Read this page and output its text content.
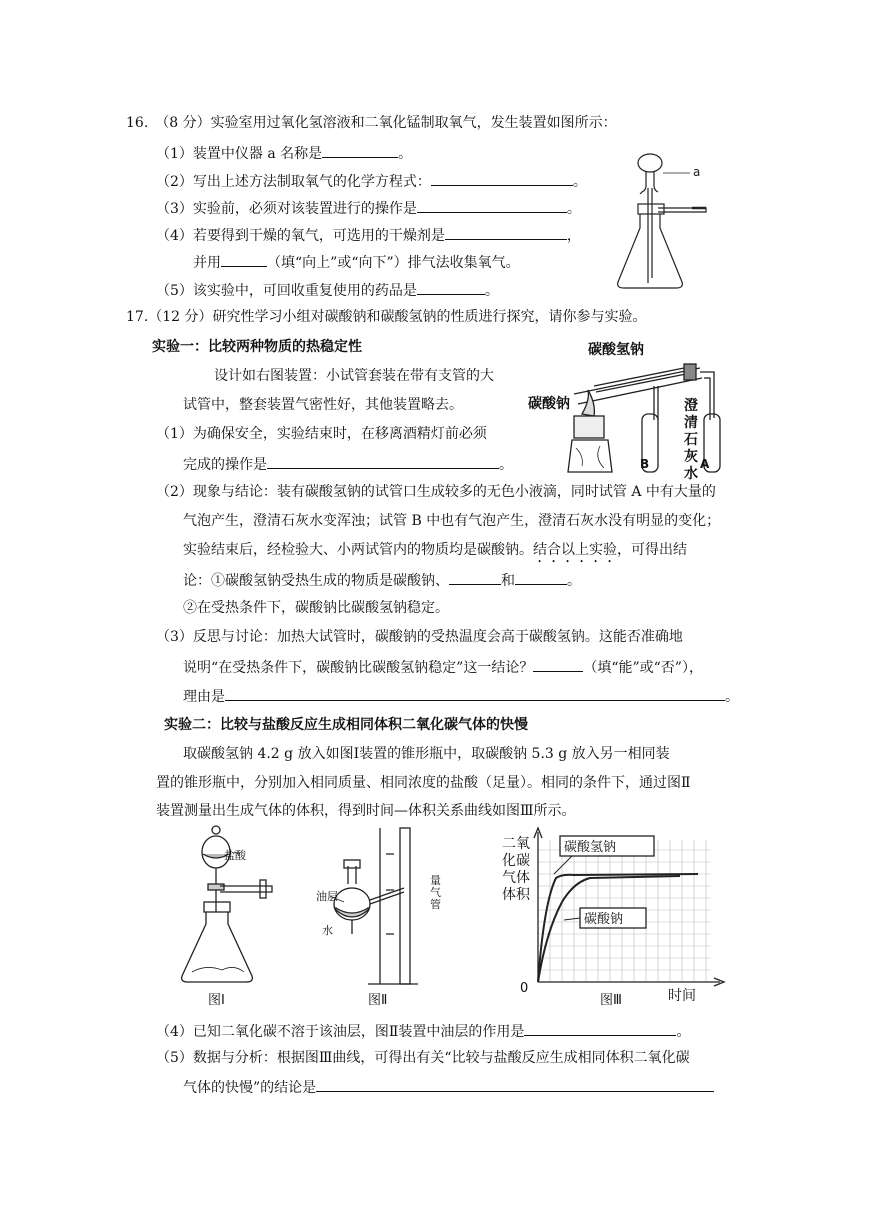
16.　（8 分）实验室用过氧化氢溶液和二氧化锰制取氧气，发生装置如图所示：
（1）装置中仪器 a 名称是	。
（2）写出上述方法制取氧气的化学方程式：	。
（3）实验前，必须对该装置进行的操作是	。
（4）若要得到干燥的氧气，可选用的干燥剂是	，
并用	（填“向上”或“向下”）排气法收集氧气。
（5）该实验中，可回收重复使用的药品是	。
a
17.（12 分）研究性学习小组对碳酸钠和碳酸氢钠的性质进行探究，请你参与实验。
实验一：比较两种物质的热稳定性
设计如右图装置：小试管套装在带有支管的大
试管中，整套装置气密性好，其他装置略去。
（1）为确保安全，实验结束时，在移离酒精灯前必须
完成的操作是	。
碳酸氢钠
碳酸钠
B	A
澄
清
石
灰
水
（2）现象与结论：装有碳酸氢钠的试管口生成较多的无色小液滴，同时试管 A 中有大量的
气泡产生，澄清石灰水变浑浊；试管 B 中也有气泡产生，澄清石灰水没有明显的变化；
实验结束后，经检验大、小两试管内的物质均是碳酸钠。结合以上实验，可得出结
论：①碳酸氢钠受热生成的物质是碳酸钠、	和	。
②在受热条件下，碳酸钠比碳酸氢钠稳定。
（3）反思与讨论：加热大试管时，碳酸钠的受热温度会高于碳酸氢钠。这能否准确地
说明“在受热条件下，碳酸钠比碳酸氢钠稳定”这一结论？	（填“能”或“否”），
理由是	。
实验二：比较与盐酸反应生成相同体积二氧化碳气体的快慢
取碳酸氢钠 4.2 g 放入如图Ⅰ装置的锥形瓶中，取碳酸钠 5.3 g 放入另一相同装
置的锥形瓶中，分别加入相同质量、相同浓度的盐酸（足量）。相同的条件下，通过图Ⅱ
装置测量出生成气体的体积，得到时间—体积关系曲线如图Ⅲ所示。
盐酸
图Ⅰ
油层
水
量
气
管
图Ⅱ
碳酸氢钠
碳酸钠
二氧
化碳
气体
体积
0	时间
图Ⅲ
（4）已知二氧化碳不溶于该油层，图Ⅱ装置中油层的作用是	。
（5）数据与分析：根据图Ⅲ曲线，可得出有关“比较与盐酸反应生成相同体积二氧化碳
气体的快慢”的结论是
